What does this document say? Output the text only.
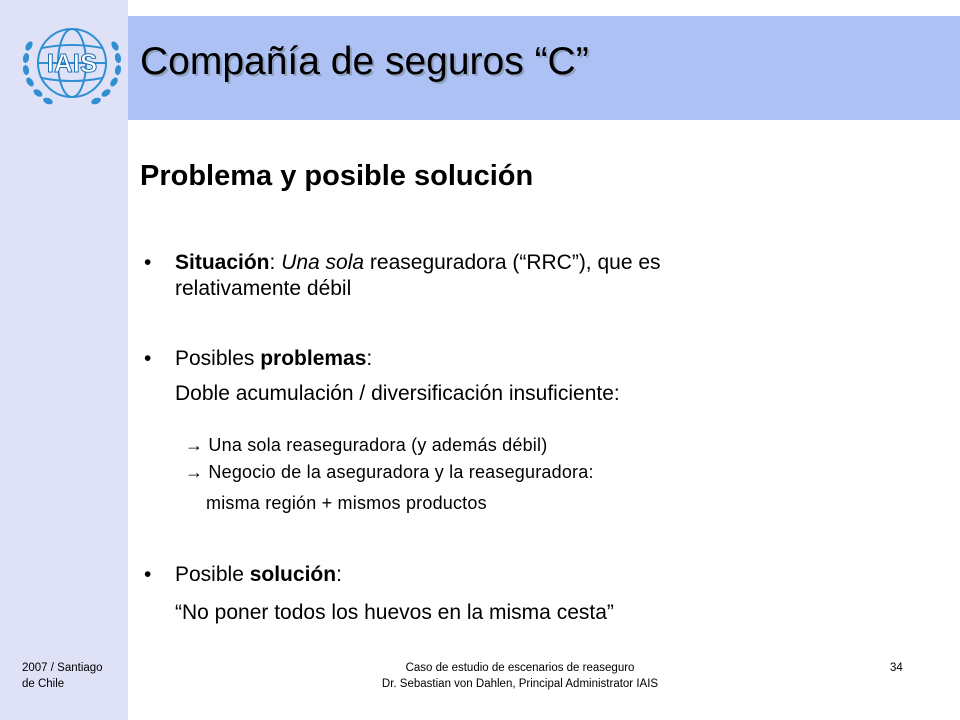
IAIS Compañía de seguros “C”
Problema y posible solución
• Situación: Una sola reaseguradora (“RRC”), que es
relativamente débil
• Posibles problemas:
Doble acumulación / diversificación insuficiente:
→ Una sola reaseguradora (y además débil)
→ Negocio de la aseguradora y la reaseguradora:
misma región + mismos productos
• Posible solución:
“No poner todos los huevos en la misma cesta”
2007 / Santiago
de Chile
Caso de estudio de escenarios de reaseguro
Dr. Sebastian von Dahlen, Principal Administrator IAIS
34
